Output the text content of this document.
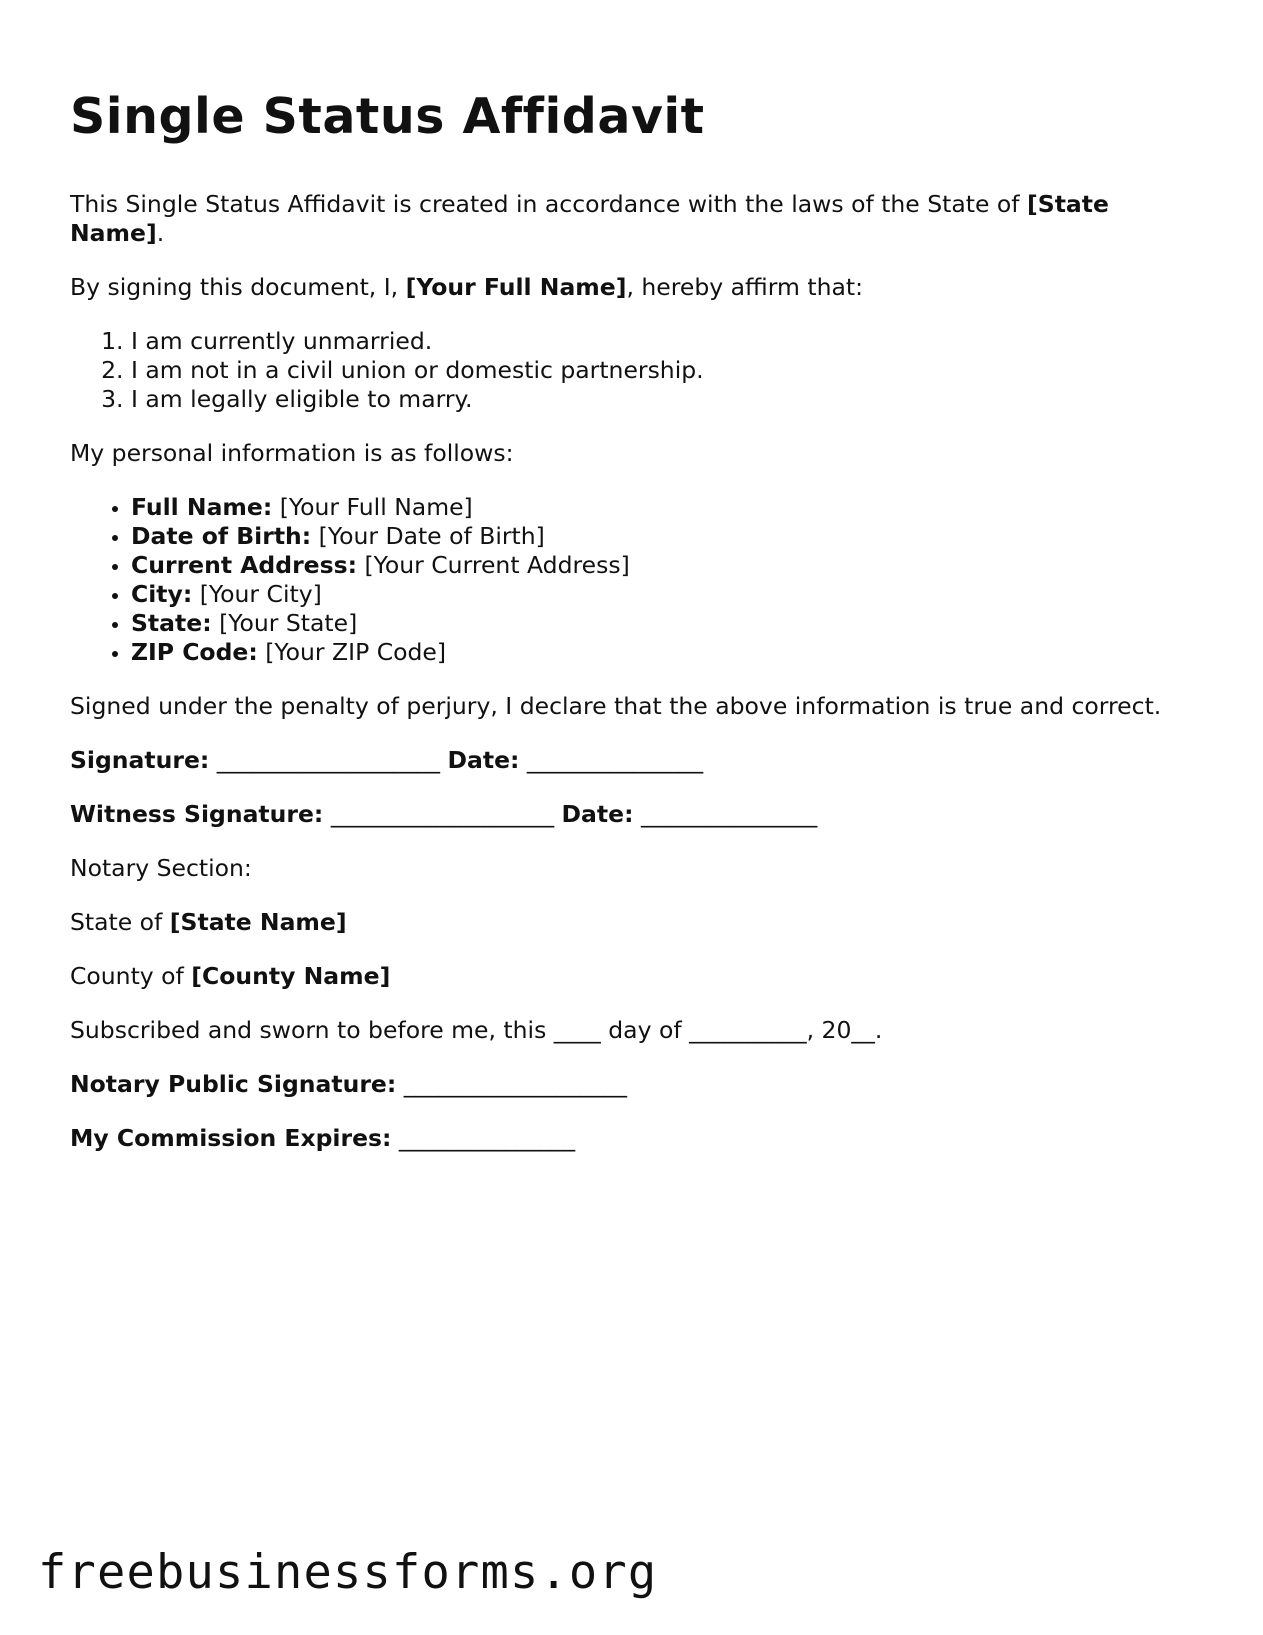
Single Status Affidavit

This Single Status Affidavit is created in accordance with the laws of the State of [State Name].

By signing this document, I, [Your Full Name], hereby affirm that:

1. I am currently unmarried.
2. I am not in a civil union or domestic partnership.
3. I am legally eligible to marry.

My personal information is as follows:

• Full Name: [Your Full Name]
• Date of Birth: [Your Date of Birth]
• Current Address: [Your Current Address]
• City: [Your City]
• State: [Your State]
• ZIP Code: [Your ZIP Code]

Signed under the penalty of perjury, I declare that the above information is true and correct.

Signature: ___________________ Date: _______________

Witness Signature: ___________________ Date: _______________

Notary Section:

State of [State Name]

County of [County Name]

Subscribed and sworn to before me, this ____ day of __________, 20__.

Notary Public Signature: ___________________

My Commission Expires: _______________

freebusinessforms.org
